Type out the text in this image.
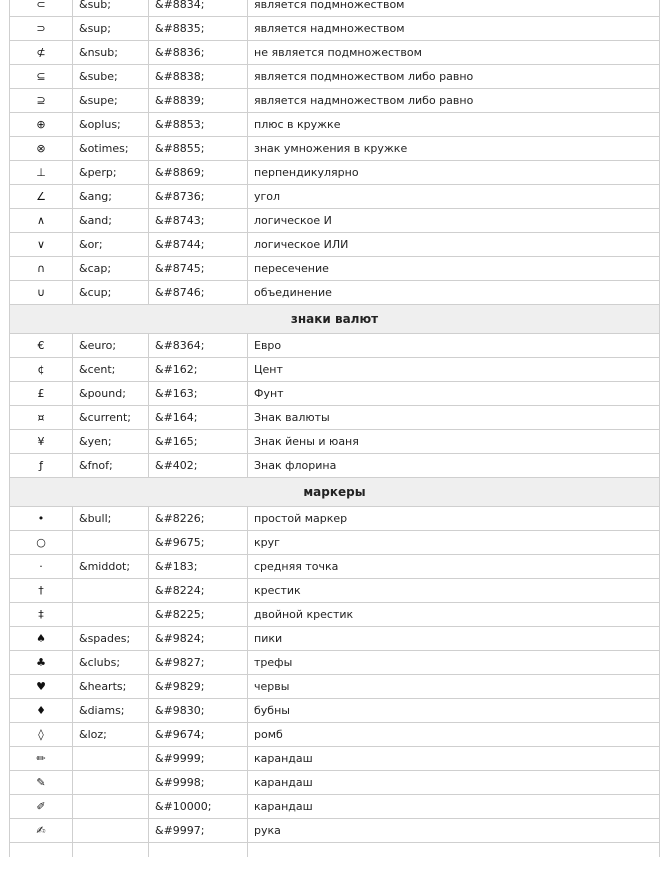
⊂	&sub;	&#8834;	является подмножеством
⊃	&sup;	&#8835;	является надмножеством
⊄	&nsub;	&#8836;	не является подмножеством
⊆	&sube;	&#8838;	является подмножеством либо равно
⊇	&supe;	&#8839;	является надмножеством либо равно
⊕	&oplus;	&#8853;	плюс в кружке
⊗	&otimes;	&#8855;	знак умножения в кружке
⊥	&perp;	&#8869;	перпендикулярно
∠	&ang;	&#8736;	угол
∧	&and;	&#8743;	логическое И
∨	&or;	&#8744;	логическое ИЛИ
∩	&cap;	&#8745;	пересечение
∪	&cup;	&#8746;	объединение
знаки валют			
€	&euro;	&#8364;	Евро
¢	&cent;	&#162;	Цент
£	&pound;	&#163;	Фунт
¤	&current;	&#164;	Знак валюты
¥	&yen;	&#165;	Знак йены и юаня
ƒ	&fnof;	&#402;	Знак флорина
маркеры			
•	&bull;	&#8226;	простой маркер
○		&#9675;	круг
·	&middot;	&#183;	средняя точка
†		&#8224;	крестик
‡		&#8225;	двойной крестик
♠	&spades;	&#9824;	пики
♣	&clubs;	&#9827;	трефы
♥	&hearts;	&#9829;	червы
♦	&diams;	&#9830;	бубны
◊	&loz;	&#9674;	ромб
✏		&#9999;	карандаш
✎		&#9998;	карандаш
✐		&#10000;	карандаш
✍		&#9997;	рука
